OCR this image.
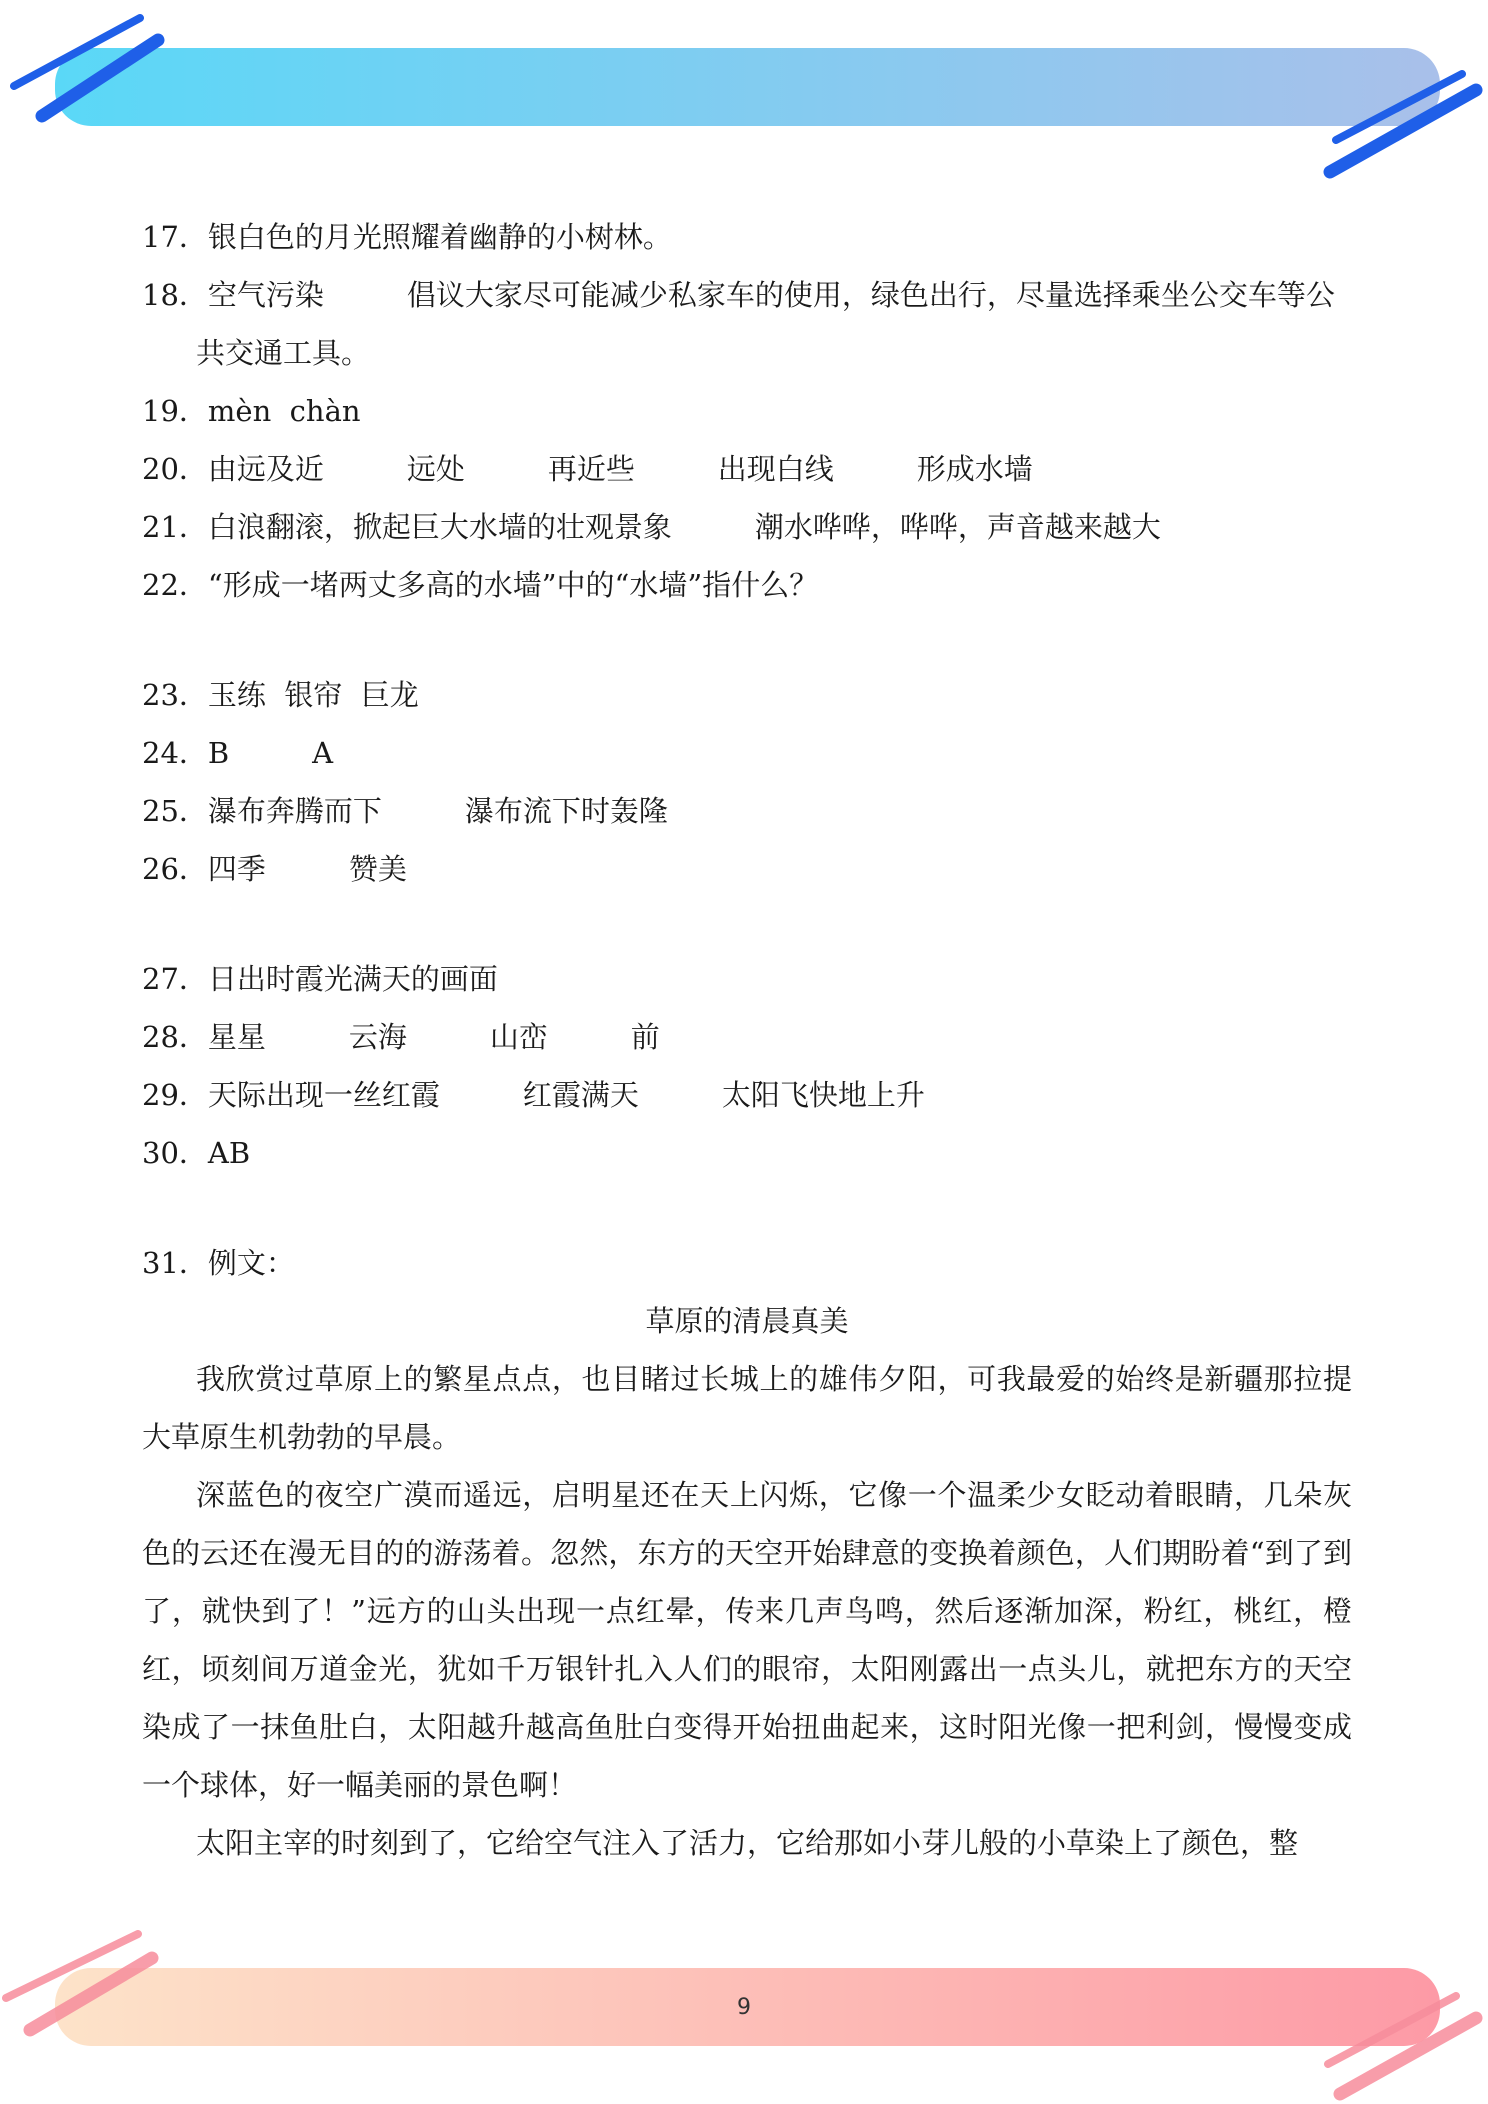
17．银白色的月光照耀着幽静的小树林。
18．空气污染         倡议大家尽可能减少私家车的使用，绿色出行，尽量选择乘坐公交车等公
共交通工具。
19．mèn  chàn
20．由远及近         远处         再近些         出现白线         形成水墙
21．白浪翻滚，掀起巨大水墙的壮观景象         潮水哗哗，哗哗，声音越来越大
22．“形成一堵两丈多高的水墙”中的“水墙”指什么？
23．玉练  银帘  巨龙
24．B         A
25．瀑布奔腾而下         瀑布流下时轰隆
26．四季         赞美
27．日出时霞光满天的画面
28．星星         云海         山峦         前
29．天际出现一丝红霞         红霞满天         太阳飞快地上升
30．AB
31．例文：
草原的清晨真美
我欣赏过草原上的繁星点点，也目睹过长城上的雄伟夕阳，可我最爱的始终是新疆那拉提大草原生机勃勃的早晨。
深蓝色的夜空广漠而遥远，启明星还在天上闪烁，它像一个温柔少女眨动着眼睛，几朵灰色的云还在漫无目的的游荡着。忽然，东方的天空开始肆意的变换着颜色，人们期盼着“到了到了，就快到了！”远方的山头出现一点红晕，传来几声鸟鸣，然后逐渐加深，粉红，桃红，橙红，顷刻间万道金光，犹如千万银针扎入人们的眼帘，太阳刚露出一点头儿，就把东方的天空染成了一抹鱼肚白，太阳越升越高鱼肚白变得开始扭曲起来，这时阳光像一把利剑，慢慢变成一个球体，好一幅美丽的景色啊！
太阳主宰的时刻到了，它给空气注入了活力，它给那如小芽儿般的小草染上了颜色，整
9
